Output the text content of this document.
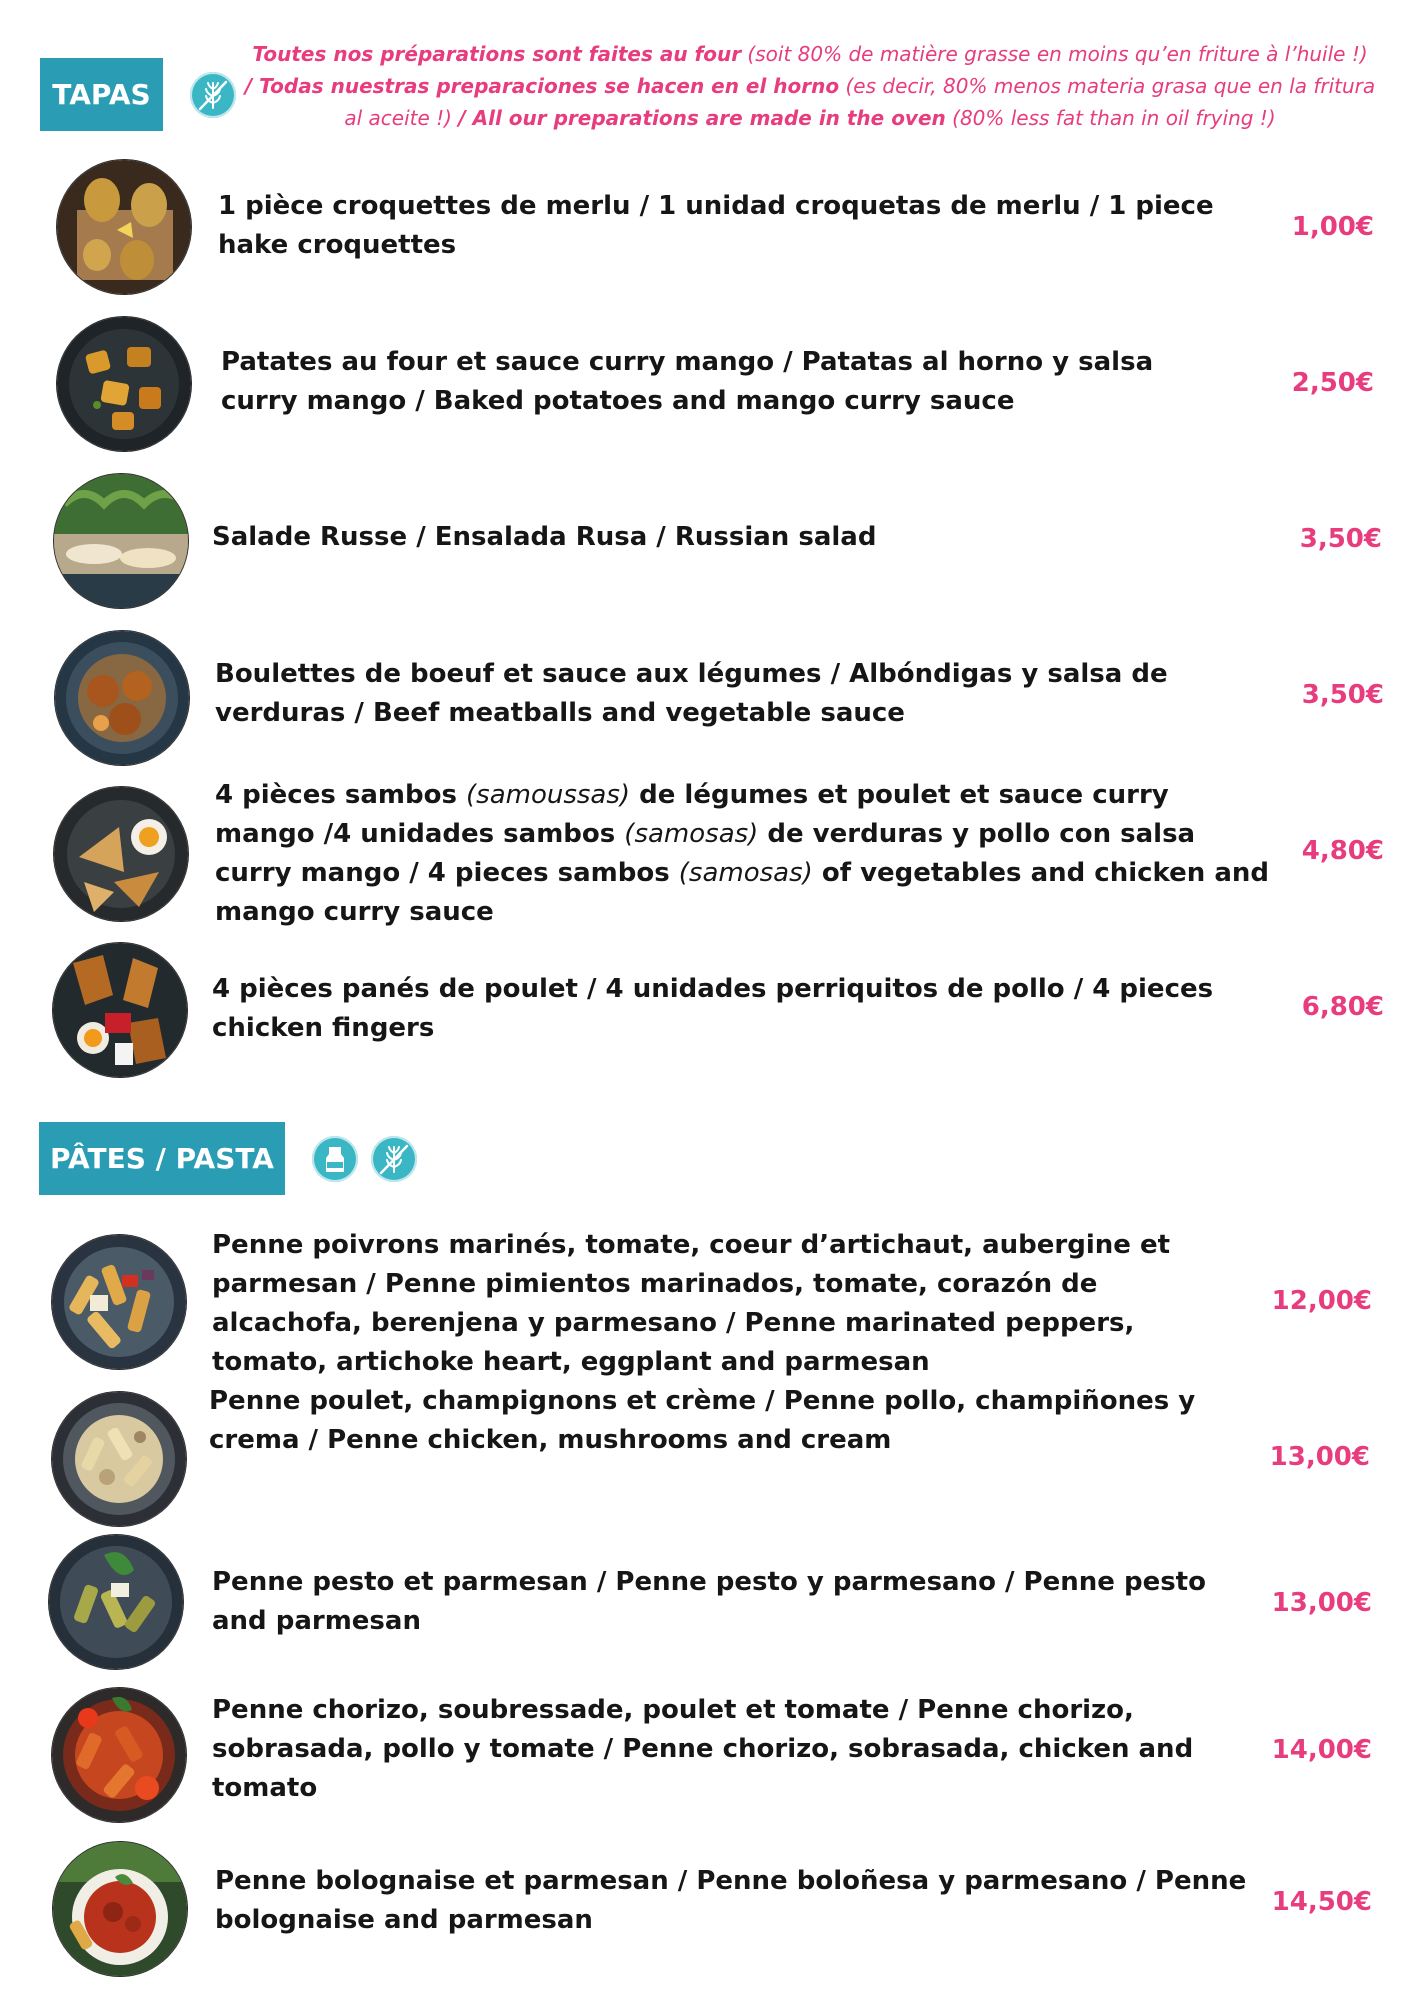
TAPAS
Toutes nos préparations sont faites au four (soit 80% de matière grasse en moins qu’en friture à l’huile !)
/ Todas nuestras preparaciones se hacen en el horno (es decir, 80% menos materia grasa que en la fritura al aceite !) / All our preparations are made in the oven (80% less fat than in oil frying !)
1 pièce croquettes de merlu / 1 unidad croquetas de merlu / 1 piece hake croquettes
1,00€
Patates au four et sauce curry mango / Patatas al horno y salsa curry mango / Baked potatoes and mango curry sauce
2,50€
Salade Russe / Ensalada Rusa / Russian salad	3,50€
Boulettes de boeuf et sauce aux légumes / Albóndigas y salsa de verduras / Beef meatballs and vegetable sauce
3,50€
4 pièces sambos (samoussas) de légumes et poulet et sauce curry mango /4 unidades sambos (samosas) de verduras y pollo con salsa curry mango / 4 pieces sambos (samosas) of vegetables and chicken and mango curry sauce
4,80€
4 pièces panés de poulet / 4 unidades perriquitos de pollo / 4 pieces chicken fingers
6,80€
PÂTES / PASTA
Penne poivrons marinés, tomate, coeur d’artichaut, aubergine et parmesan / Penne pimientos marinados, tomate, corazón de alcachofa, berenjena y parmesano / Penne marinated peppers, tomato, artichoke heart, eggplant and parmesan
12,00€
Penne poulet, champignons et crème / Penne pollo, champiñones y crema / Penne chicken, mushrooms and cream
13,00€
Penne pesto et parmesan / Penne pesto y parmesano / Penne pesto and parmesan
13,00€
Penne chorizo, soubressade, poulet et tomate / Penne chorizo, sobrasada, pollo y tomate / Penne chorizo, sobrasada, chicken and tomato
14,00€
Penne bolognaise et parmesan / Penne boloñesa y parmesano / Penne bolognaise and parmesan
14,50€
